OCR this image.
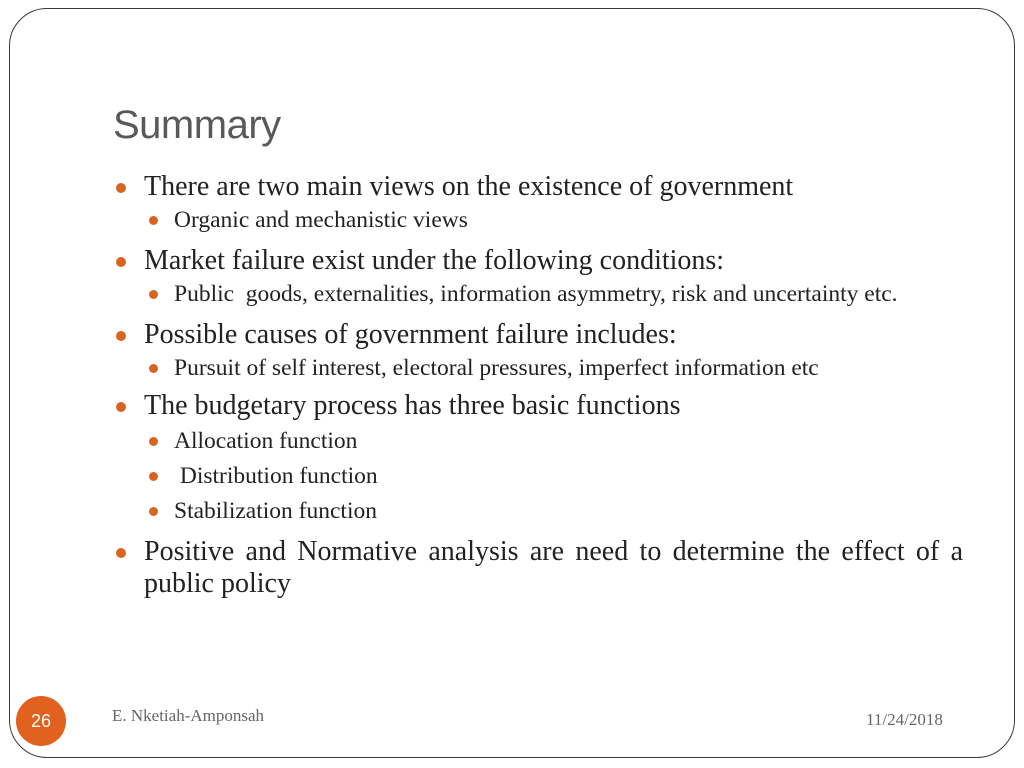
Summary
There are two main views on the existence of government
Organic and mechanistic views
Market failure exist under the following conditions:
Public  goods, externalities, information asymmetry, risk and uncertainty etc.
Possible causes of government failure includes:
Pursuit of self interest, electoral pressures, imperfect information etc
The budgetary process has three basic functions
Allocation function
Distribution function
Stabilization function
Positive and Normative analysis are need to determine the effect of a public policy
26	E. Nketiah-Amponsah	11/24/2018
